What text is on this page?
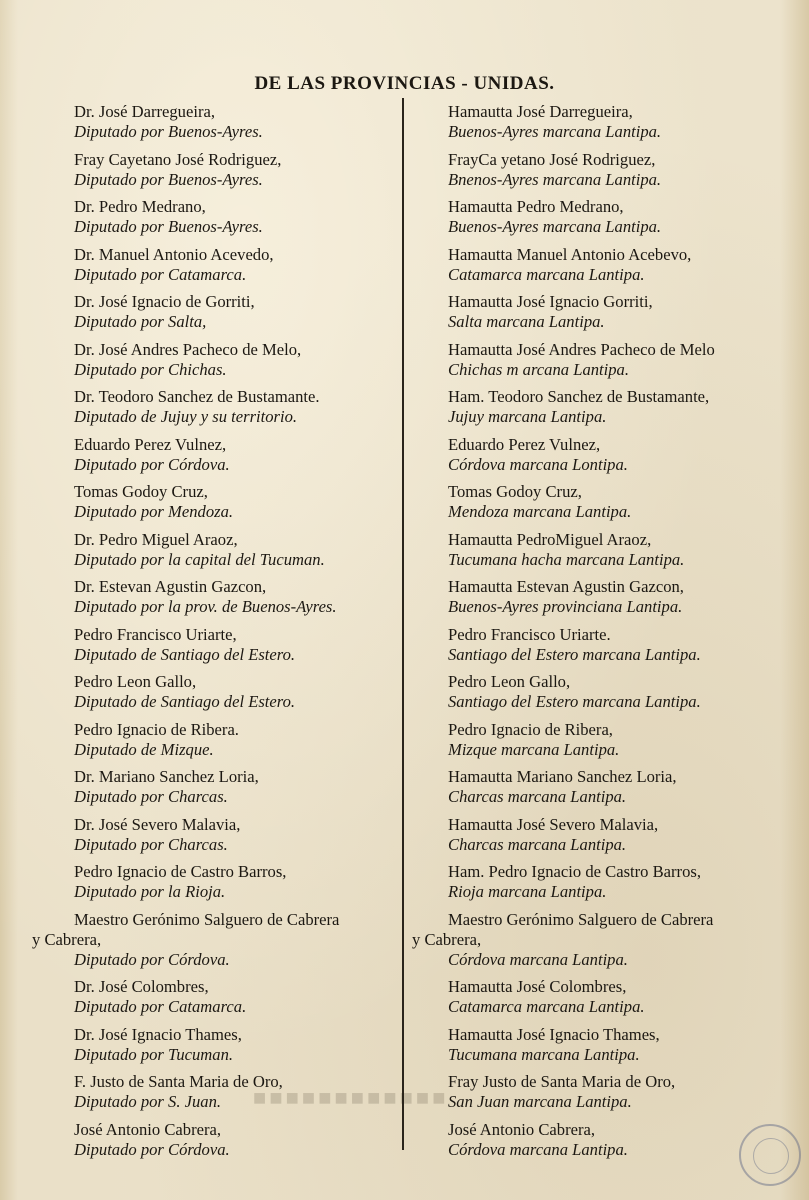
■■■■■■■■■■■■
DE LAS PROVINCIAS - UNIDAS.
Dr. José Darregueira,
Diputado por Buenos-Ayres.
Fray Cayetano José Rodriguez,
Diputado por Buenos-Ayres.
Dr. Pedro Medrano,
Diputado por Buenos-Ayres.
Dr. Manuel Antonio Acevedo,
Diputado por Catamarca.
Dr. José Ignacio de Gorriti,
Diputado por Salta,
Dr. José Andres Pacheco de Melo,
Diputado por Chichas.
Dr. Teodoro Sanchez de Bustamante.
Diputado de Jujuy y su territorio.
Eduardo Perez Vulnez,
Diputado por Córdova.
Tomas Godoy Cruz,
Diputado por Mendoza.
Dr. Pedro Miguel Araoz,
Diputado por la capital del Tucuman.
Dr. Estevan Agustin Gazcon,
Diputado por la prov. de Buenos-Ayres.
Pedro Francisco Uriarte,
Diputado de Santiago del Estero.
Pedro Leon Gallo,
Diputado de Santiago del Estero.
Pedro Ignacio de Ribera.
Diputado de Mizque.
Dr. Mariano Sanchez Loria,
Diputado por Charcas.
Dr. José Severo Malavia,
Diputado por Charcas.
Pedro Ignacio de Castro Barros,
Diputado por la Rioja.
Maestro Gerónimo Salguero de Cabrera
y Cabrera,
Diputado por Córdova.
Dr. José Colombres,
Diputado por Catamarca.
Dr. José Ignacio Thames,
Diputado por Tucuman.
F. Justo de Santa Maria de Oro,
Diputado por S. Juan.
José Antonio Cabrera,
Diputado por Córdova.
Hamautta José Darregueira,
Buenos-Ayres marcana Lantipa.
FrayCa yetano José Rodriguez,
Bnenos-Ayres marcana Lantipa.
Hamautta Pedro Medrano,
Buenos-Ayres marcana Lantipa.
Hamautta Manuel Antonio Acebevo,
Catamarca marcana Lantipa.
Hamautta José Ignacio Gorriti,
Salta marcana Lantipa.
Hamautta José Andres Pacheco de Melo
Chichas m arcana Lantipa.
Ham. Teodoro Sanchez de Bustamante,
Jujuy marcana Lantipa.
Eduardo Perez Vulnez,
Córdova marcana Lontipa.
Tomas Godoy Cruz,
Mendoza marcana Lantipa.
Hamautta PedroMiguel Araoz,
Tucumana hacha marcana Lantipa.
Hamautta Estevan Agustin Gazcon,
Buenos-Ayres provinciana Lantipa.
Pedro Francisco Uriarte.
Santiago del Estero marcana Lantipa.
Pedro Leon Gallo,
Santiago del Estero marcana Lantipa.
Pedro Ignacio de Ribera,
Mizque marcana Lantipa.
Hamautta Mariano Sanchez Loria,
Charcas marcana Lantipa.
Hamautta José Severo Malavia,
Charcas marcana Lantipa.
Ham. Pedro Ignacio de Castro Barros,
Rioja marcana Lantipa.
Maestro Gerónimo Salguero de Cabrera
y Cabrera,
Córdova marcana Lantipa.
Hamautta José Colombres,
Catamarca marcana Lantipa.
Hamautta José Ignacio Thames,
Tucumana marcana Lantipa.
Fray Justo de Santa Maria de Oro,
San Juan marcana Lantipa.
José Antonio Cabrera,
Córdova marcana Lantipa.
